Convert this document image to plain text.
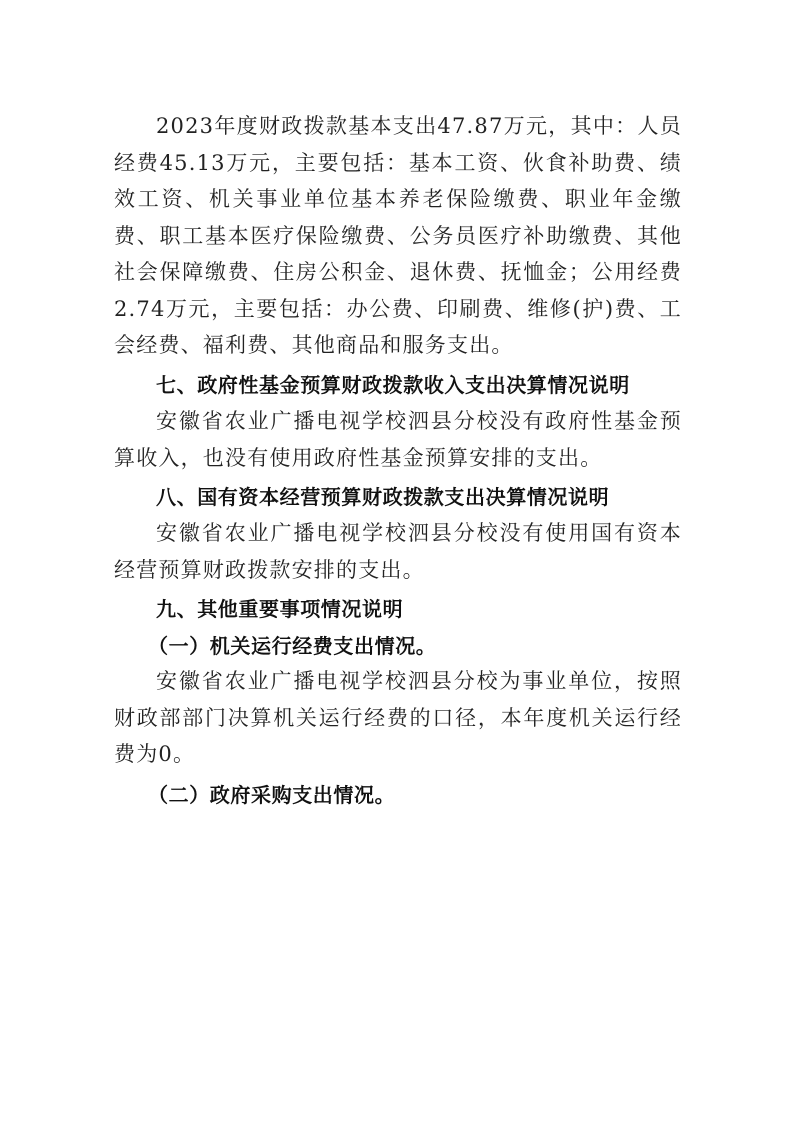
2023年度财政拨款基本支出47.87万元，其中：人员经费45.13万元，主要包括：基本工资、伙食补助费、绩效工资、机关事业单位基本养老保险缴费、职业年金缴费、职工基本医疗保险缴费、公务员医疗补助缴费、其他社会保障缴费、住房公积金、退休费、抚恤金；公用经费2.74万元，主要包括：办公费、印刷费、维修(护)费、工会经费、福利费、其他商品和服务支出。

七、政府性基金预算财政拨款收入支出决算情况说明

安徽省农业广播电视学校泗县分校没有政府性基金预算收入，也没有使用政府性基金预算安排的支出。

八、国有资本经营预算财政拨款支出决算情况说明

安徽省农业广播电视学校泗县分校没有使用国有资本经营预算财政拨款安排的支出。

九、其他重要事项情况说明
（一）机关运行经费支出情况。

安徽省农业广播电视学校泗县分校为事业单位，按照财政部部门决算机关运行经费的口径，本年度机关运行经费为0。

（二）政府采购支出情况。
